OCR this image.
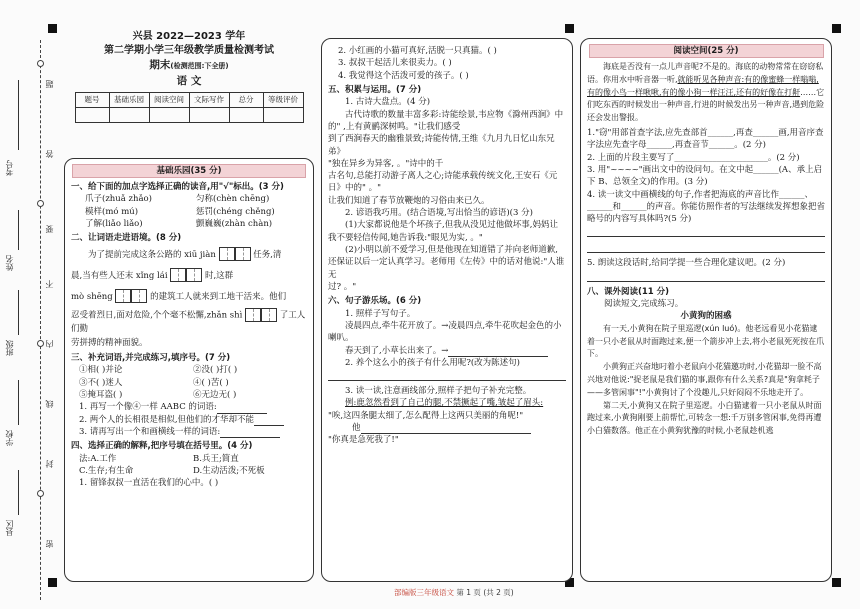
题
答
要
不
内
线
封
密
考号
姓名
班级
学校
县区
兴县 2022—2023 学年
第二学期小学三年级教学质量检测考试
期末(检测范围:下全册)
语 文
题号	基础乐园	阅读空间	文际写作	总分	等级评价

基础乐园(35 分)
一、给下面的加点字选择正确的读音,用"√"标出。(3 分)
爪子(zhuǎ zhǎo)	匀称(chèn chēng)
模样(mó mú)	惩罚(chéng chěng)
了解(liǎo liǎo)	颤巍巍(zhàn chàn)
二、让词语走进语境。(8 分)
为了提前完成这条公路的 xiū jiàn	任务,清
晨,当有些人还末 xǐng lái	时,这群
mò shēng	的建筑工人就来到工地干活来。他们
忍受着烈日,面对危险,个个毫不松懈,zhǎn shì	了工人们勤
劳拼搏的精神面貌。
三、补充词语,并完成练习,填序号。(7 分)
①相( )并论	②没( )打( )
③不( )迷人	④( )苦( )
⑤掩耳盗( )	⑥无边无( )
1. 再写一个像④一样 AABC 的词语:
2. 两个人的长相很是相似,但他们的才华却不能
3. 请再写出一个和画横线一样的词语:
四、选择正确的解释,把序号填在括号里。(4 分)
法:A.工作	B.兵王;简直
C.生存;有生命	D.生动活泼;不死板
1. 留锋叔叔一直活在我们的心中。( )
2. 小红画的小猫可真好,活脱一只真猫。( )
3. 叔叔干起活儿来很卖力。( )
4. 我觉得这个活泼可爱的孩子。( )
五、积累与运用。(7 分)
1. 古诗大盘点。(4 分)
古代诗歌的数量丰富多彩:诗能绘景,韦应物《滁州西涧》中
的" ,上有黄鹂深树鸣。"让我们感受
到了西涧春天的幽雅景致;诗能传情,王维《九月九日忆山东兄弟》
"独在异乡为异客, 。"诗中的千
古名句,总能打动游子离人之心;诗能承载传统文化,王安石《元
日》中的" 。"
让我们知道了春节放鞭炮的习俗由来已久。
2. 谚语我巧用。(结合语境,写出恰当的谚语)(3 分)
(1)大家都说他是个坏孩子,但我从没见过他做坏事,妈妈让
我不要轻信传闻,她告诉我:"眼见为实, 。"
(2)小明以前不爱学习,但是他现在知道错了并向老师道歉,
还保证以后一定认真学习。老师用《左传》中的话对他说:"人谁无
过? 。"
六、句子游乐场。(6 分)
1. 照样子写句子。
凌晨四点,牵牛花开放了。→凌晨四点,牵牛花吹起金色的小喇叭。
春天到了,小草长出来了。→
2. 养个这么小的孩子有什么用呢?(改为陈述句)
3. 读一读,注意画线部分,照样子把句子补充完整。
例:鹿忽然看到了自己的腿,不禁撅起了嘴,皱起了眉头:
"唉,这四条腿太细了,怎么配得上这两只美丽的角呢!"
他
"你真是急死我了!"
阅读空间(25 分)
海底是否没有一点儿声音呢?不是的。海底的动物常常在窃窃私语。你用水中听音器一听,就能听见各种声音:有的像蜜蜂一样嗡嗡,有的像小鸟一样啾啾,有的像小狗一样汪汪,还有的好像在打鼾……它们吃东西的时候发出一种声音,行进的时候发出另一种声音,遇到危险还会发出警报。
1."窃"用部首查字法,应先查部首______,再查______画,用音序查字法应先查字母______,再查音节______。(2 分)
2. 上面的片段主要写了______________________。(2 分)
3. 用"~~~~"画出文中的设问句。在文中起______(A、承上启下 B、总领全文)的作用。(3 分)
4. 读一读文中画横线的句子,作者把海底的声音比作______、______和______的声音。你能仿照作者的写法继续发挥想象把省略号的内容写具体吗?(5 分)
5. 朗读这段话时,给同学提一些合理化建议吧。(2 分)
八、课外阅读(11 分)
阅读短文,完成练习。
小黄狗的困惑
有一天,小黄狗在院子里巡逻(xún luó)。他老远看见小花猫逮着一只小老鼠从时面跑过来,便一个箭步冲上去,将小老鼠死死按在爪下。
小黄狗正兴奋地叼着小老鼠向小花猫邀功时,小花猫却一脸不高兴地对他说:"捉老鼠是我们猫的事,跟你有什么关系?真是"狗拿耗子——多管闲事"!"小黄狗讨了个没趣儿,只好闷闷不乐地走开了。
第二天,小黄狗又在院子里巡逻。小白猫逮着一只小老鼠从时面跑过来,小黄狗刚要上前帮忙,可转念一想:千万别多管闲事,免得再遭小白猫数落。他正在小黄狗犹豫的时候,小老鼠趁机逃
部编版三年级语文 第 1 页 (共 2 页)
